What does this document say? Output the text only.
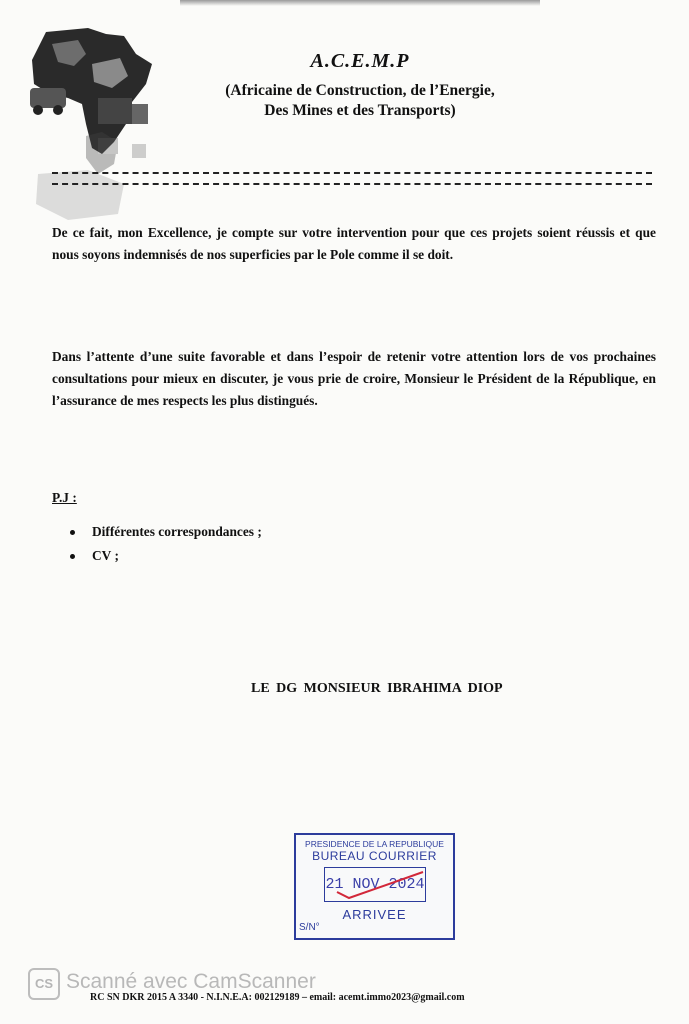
A.C.E.M.P
(Africaine de Construction, de l’Energie,
Des Mines et des Transports)

De ce fait, mon Excellence, je compte sur votre intervention pour que ces projets soient réussis et que nous soyons indemnisés de nos superficies par le Pole comme il se doit.

Dans l’attente d’une suite favorable et dans l’espoir de retenir votre attention lors de vos prochaines consultations pour mieux en discuter, je vous prie de croire, Monsieur le Président de la République, en l’assurance de mes respects les plus distingués.

P.J :
Différentes correspondances ;
CV ;
LE DG MONSIEUR IBRAHIMA DIOP
PRESIDENCE DE LA REPUBLIQUE
BUREAU COURRIER
21 NOV 2024
ARRIVEE
S/N°
CS Scanné avec CamScanner
RC SN DKR 2015 A 3340 - N.I.N.E.A: 002129189 – email: acemt.immo2023@gmail.com
